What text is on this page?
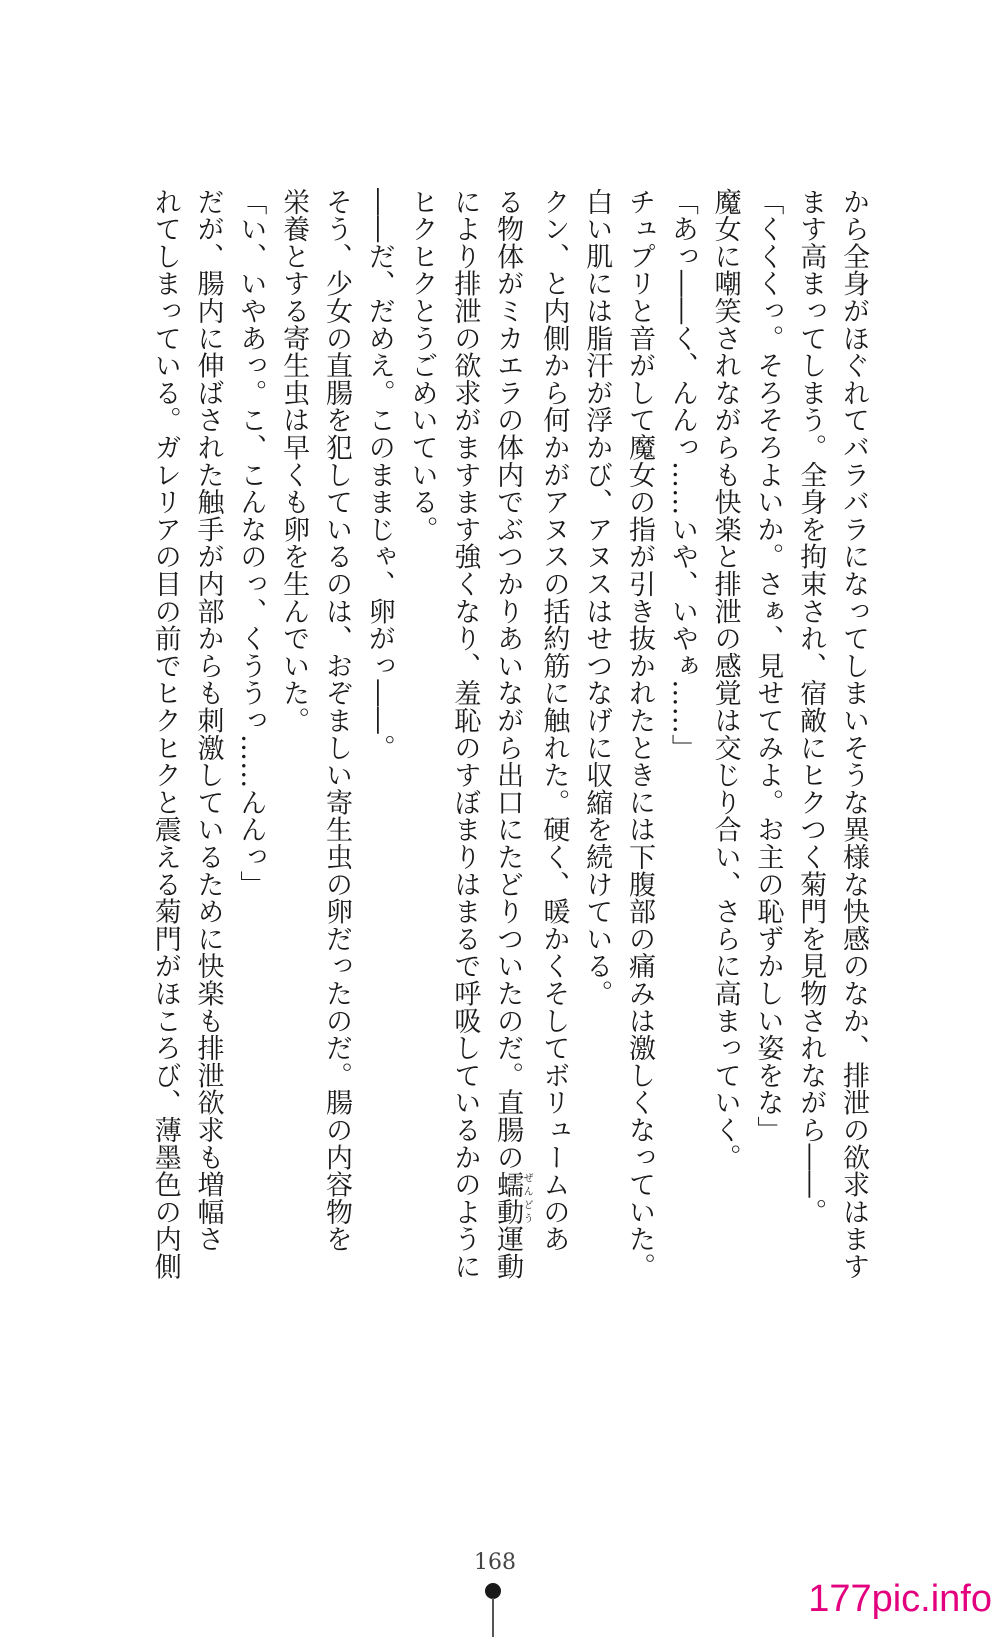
から全身がほぐれてバラバラになってしまいそうな異様な快感のなか、排泄の欲求はます

ます高まってしまう。全身を拘束され、宿敵にヒクつく菊門を見物されながら――。

「くくくっ。そろそろよいか。さぁ、見せてみよ。お主の恥ずかしい姿をな」

魔女に嘲笑されながらも快楽と排泄の感覚は交じり合い、さらに高まっていく。

「あっ――く、んんっ……いや、いやぁ……」

チュプリと音がして魔女の指が引き抜かれたときには下腹部の痛みは激しくなっていた。

白い肌には脂汗が浮かび、アヌスはせつなげに収縮を続けている。

クン、と内側から何かがアヌスの括約筋に触れた。硬く、暖かくそしてボリュームのあ

る物体がミカエラの体内でぶつかりあいながら出口にたどりついたのだ。直腸の蠕動ぜんどう運動

により排泄の欲求がますます強くなり、羞恥のすぼまりはまるで呼吸しているかのように

ヒクヒクとうごめいている。

――だ、だめえ。このままじゃ、卵がっ――。

そう、少女の直腸を犯しているのは、おぞましい寄生虫の卵だったのだ。腸の内容物を

栄養とする寄生虫は早くも卵を生んでいた。

「い、いやあっ。こ、こんなのっ、くううっ……んんっ」

だが、腸内に伸ばされた触手が内部からも刺激しているために快楽も排泄欲求も増幅さ

れてしまっている。ガレリアの目の前でヒクヒクと震える菊門がほころび、薄墨色の内側

168
177pic.info
